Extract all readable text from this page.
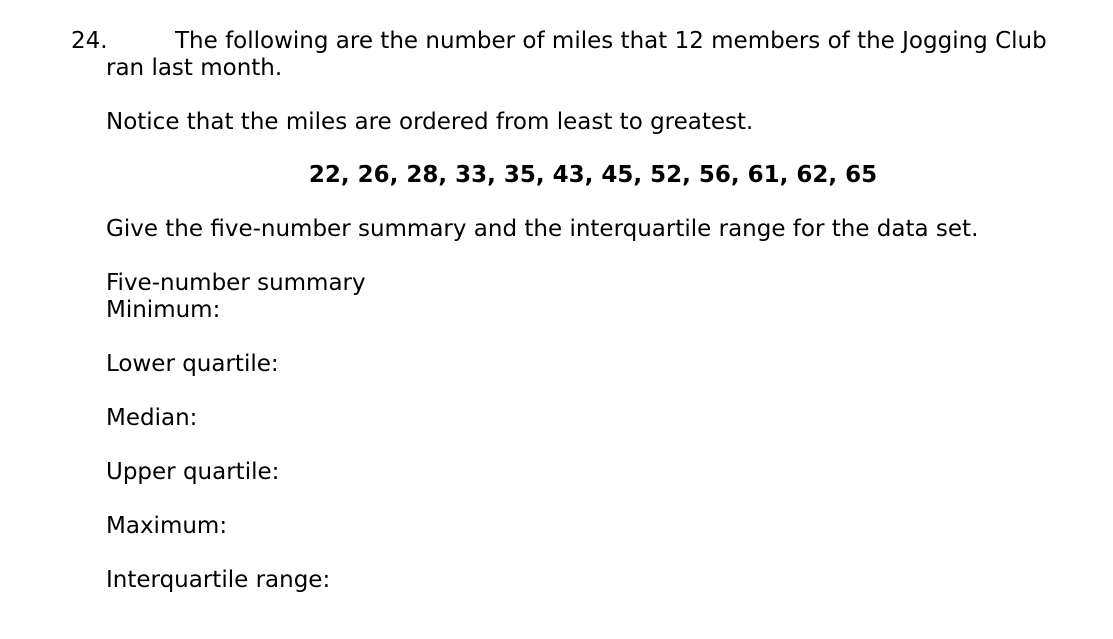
24.	The following are the number of miles that 12 members of the Jogging Club
ran last month.
Notice that the miles are ordered from least to greatest.
22, 26, 28, 33, 35, 43, 45, 52, 56, 61, 62, 65
Give the five-number summary and the interquartile range for the data set.
Five-number summary
Minimum:
Lower quartile:
Median:
Upper quartile:
Maximum:
Interquartile range:
